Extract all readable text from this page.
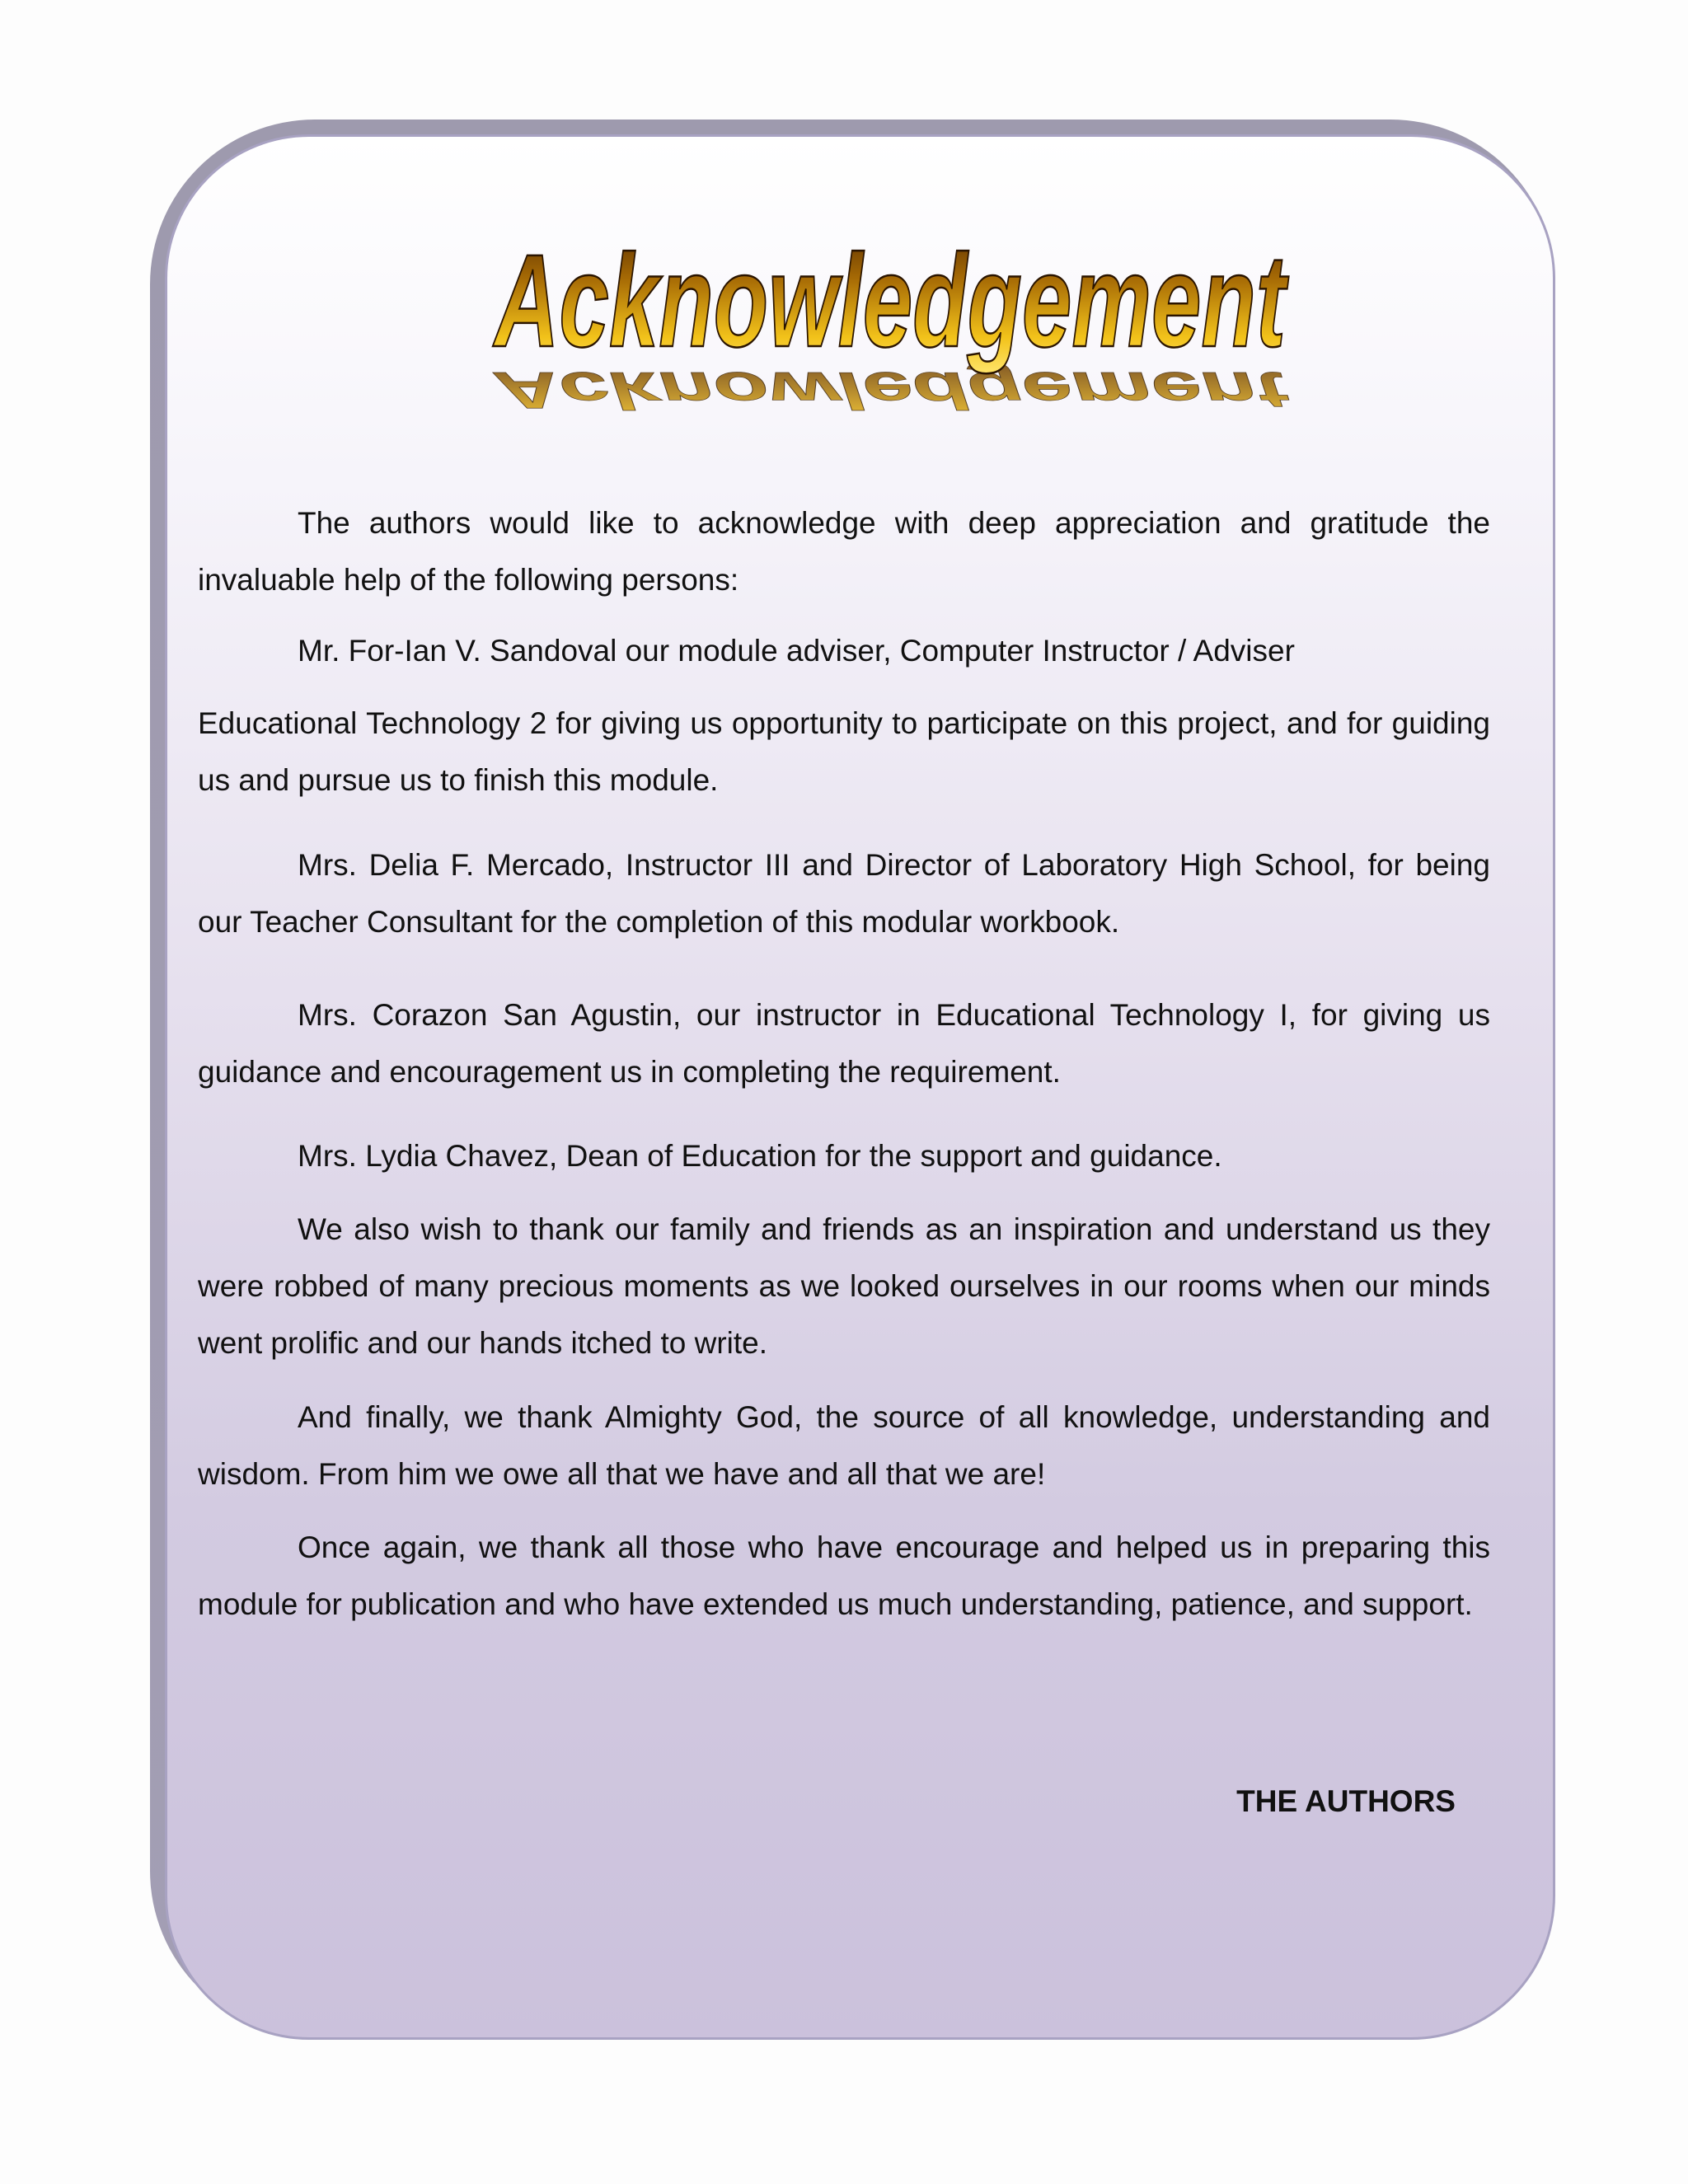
Acknowledgement
Acknowledgement

The authors would like to acknowledge with deep appreciation and gratitude the invaluable help of the following persons:

Mr. For-Ian V. Sandoval our module adviser, Computer Instructor / Adviser

Educational Technology 2 for giving us opportunity to participate on this project, and for guiding us and pursue us to finish this module.

Mrs. Delia F. Mercado, Instructor III and Director of Laboratory High School, for being our Teacher Consultant for the completion of this modular workbook.

Mrs. Corazon San Agustin, our instructor in Educational Technology I, for giving us guidance and encouragement us in completing the requirement.

Mrs. Lydia Chavez, Dean of Education for the support and guidance.

We also wish to thank our family and friends as an inspiration and understand us they were robbed of many precious moments as we looked ourselves in our rooms when our minds went prolific and our hands itched to write.

And finally, we thank Almighty God, the source of all knowledge, understanding and wisdom. From him we owe all that we have and all that we are!

Once again, we thank all those who have encourage and helped us in preparing this module for publication and who have extended us much understanding, patience, and support.

THE AUTHORS
